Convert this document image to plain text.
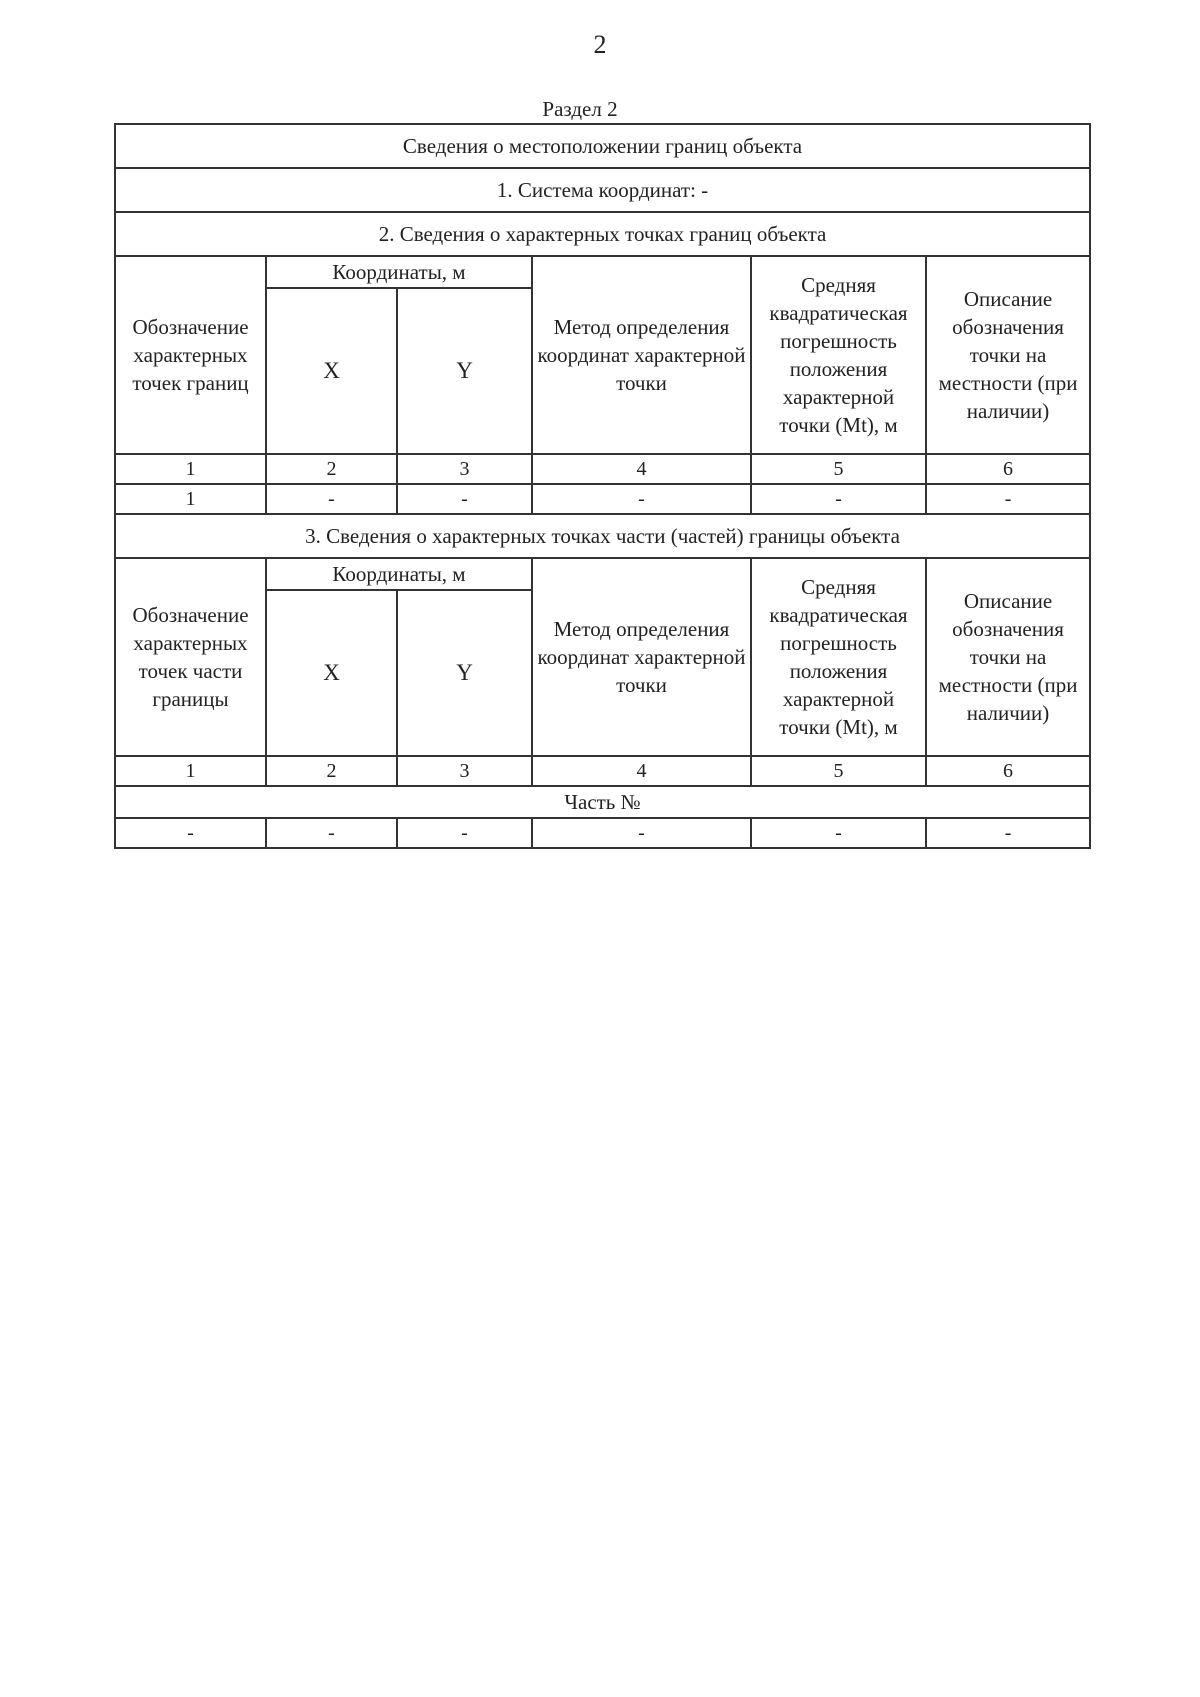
2
Раздел 2
Сведения о местоположении границ объекта					
1. Система координат: -					
2. Сведения о характерных точках границ объекта					
Обозначение характерных точек границ	Координаты, м		Метод определения координат характерной точки	Средняя квадратическая погрешность положения характерной точки (Mt), м	Описание обозначения точки на местности (при наличии)
	X	Y			
1	2	3	4	5	6
1	-	-	-	-	-
3. Сведения о характерных точках части (частей) границы объекта					
Обозначение характерных точек части границы	Координаты, м		Метод определения координат характерной точки	Средняя квадратическая погрешность положения характерной точки (Mt), м	Описание обозначения точки на местности (при наличии)
	X	Y			
1	2	3	4	5	6
Часть №					
-	-	-	-	-	-
